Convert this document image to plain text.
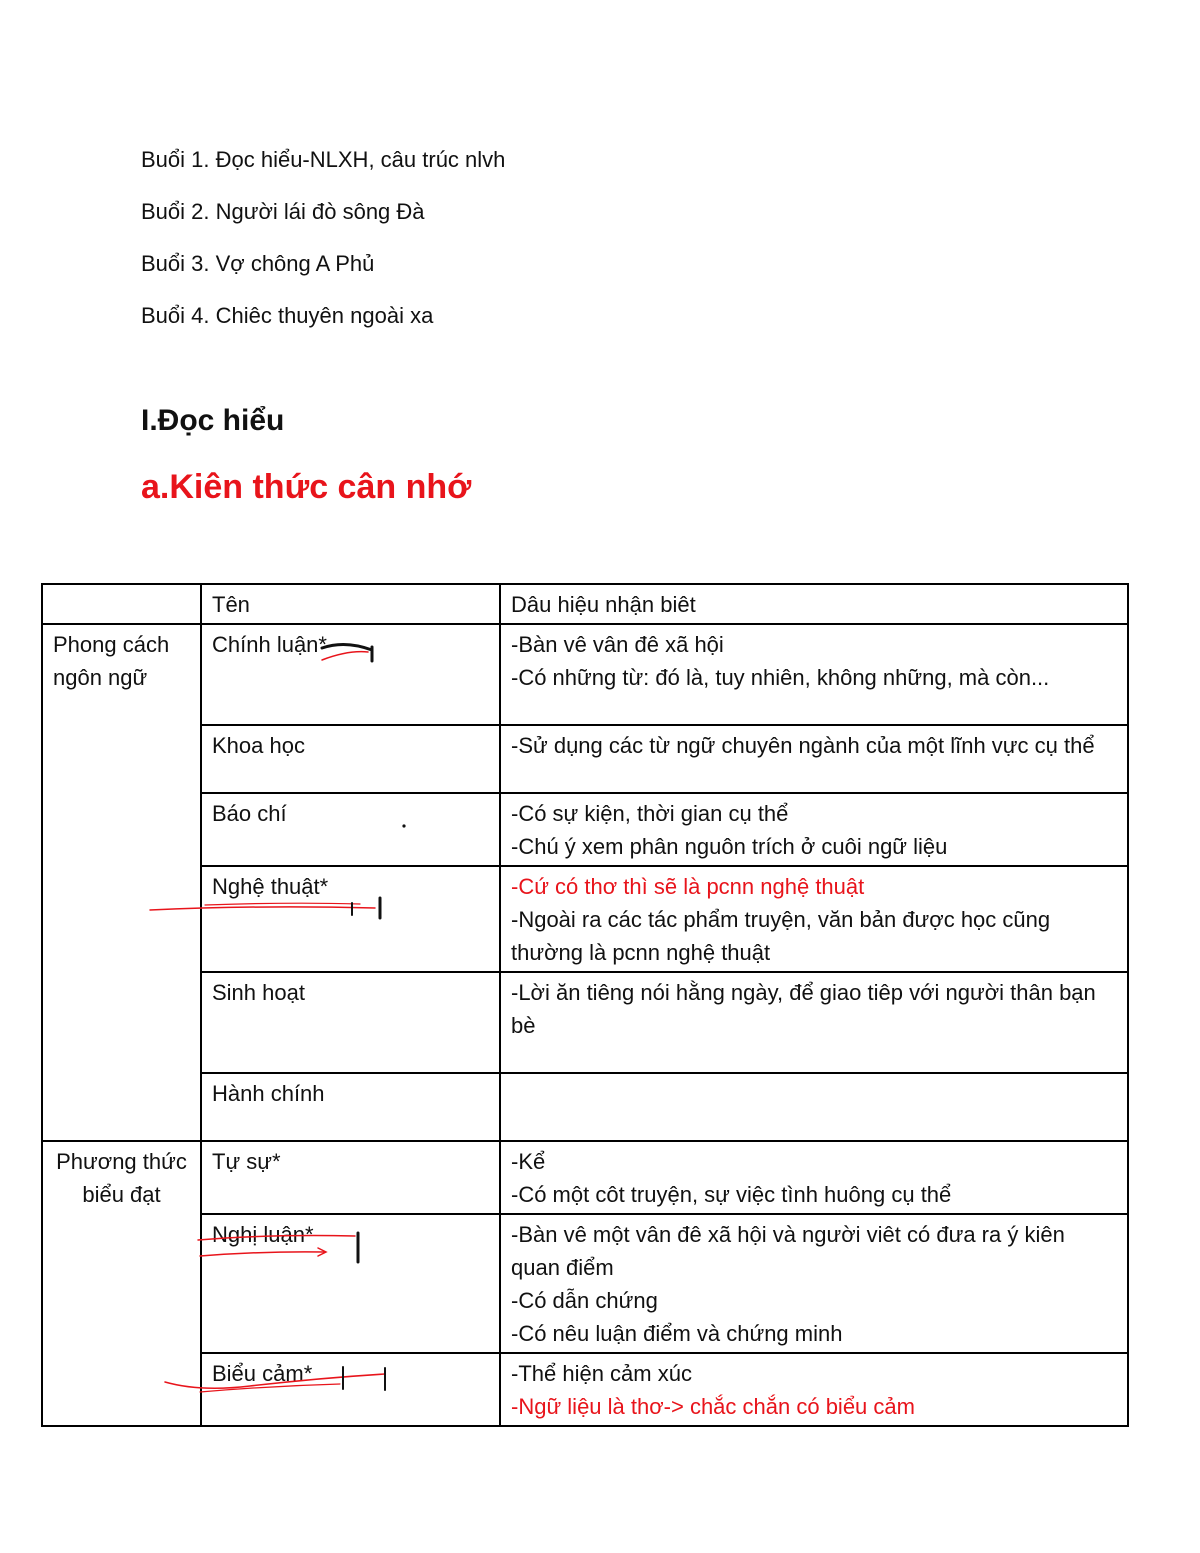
Buổi 1. Đọc hiểu-NLXH, câu trúc nlvh
Buổi 2. Người lái đò sông Đà
Buổi 3. Vợ chông A Phủ
Buổi 4. Chiêc thuyên ngoài xa
I.Đọc hiểu
a.Kiên thức cân nhớ
	Tên	Dâu hiệu nhận biêt
Phong cách ngôn ngữ	Chính luận*	-Bàn vê vân đê xã hội
-Có những từ: đó là, tuy nhiên, không những, mà còn...

	Khoa học	-Sử dụng các từ ngữ chuyên ngành của một lĩnh vực cụ thể

	Báo chí	-Có sự kiện, thời gian cụ thể
-Chú ý xem phân nguôn trích ở cuôi ngữ liệu

	Nghệ thuật*	-Cứ có thơ thì sẽ là pcnn nghệ thuật
-Ngoài ra các tác phẩm truyện, văn bản được học cũng thường là pcnn nghệ thuật

	Sinh hoạt	-Lời ăn tiêng nói hằng ngày, để giao tiêp với người thân bạn bè

	Hành chính	
Phương thức biểu đạt	Tự sự*	-Kể
-Có một côt truyện, sự việc tình huông cụ thể

	Nghị luận*	-Bàn vê một vân đê xã hội và người viêt có đưa ra ý kiên quan điểm
-Có dẫn chứng
-Có nêu luận điểm và chứng minh

	Biểu cảm*	-Thể hiện cảm xúc
-Ngữ liệu là thơ-> chắc chắn có biểu cảm
